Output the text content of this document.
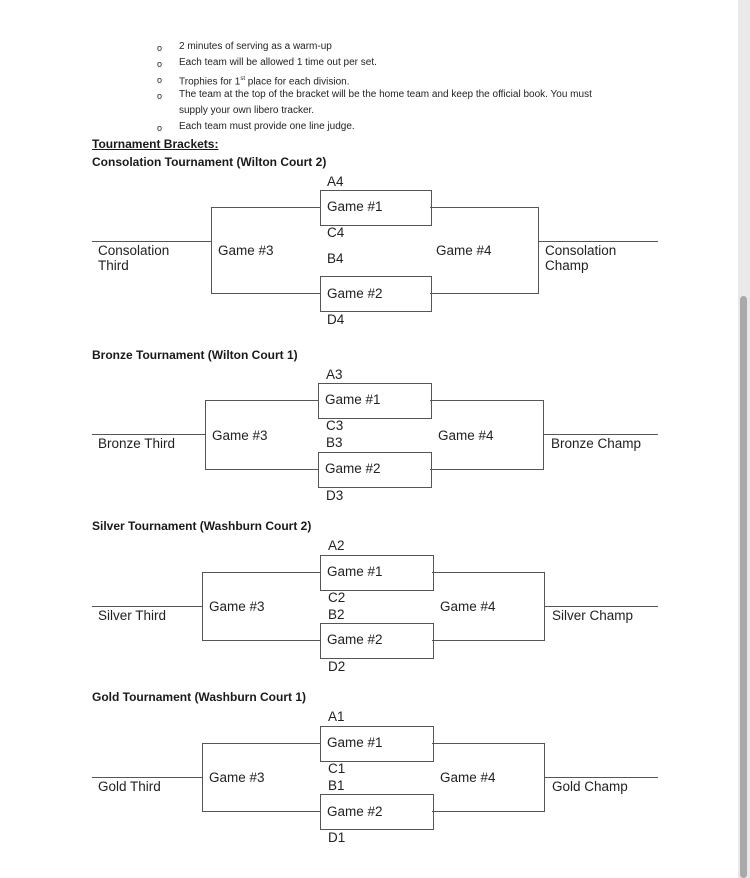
o 2 minutes of serving as a warm-up
o Each team will be allowed 1 time out per set.
o Trophies for 1st place for each division.
o The team at the top of the bracket will be the home team and keep the official book. You must
supply your own libero tracker.
o Each team must provide one line judge.
Tournament Brackets:
Consolation Tournament (Wilton Court 2)
A4
Game #1
C4
B4
Game #2
D4
Game #3
Consolation
Third
Game #4	Consolation
Champ
Bronze Tournament (Wilton Court 1)
A3
Game #1
C3
B3
Game #2
D3
Game #3
Bronze Third
Game #4
Bronze Champ
Silver Tournament (Washburn Court 2)
A2
Game #1
C2
B2
Game #2
D2
Game #3
Silver Third
Game #4
Silver Champ
Gold Tournament (Washburn Court 1)
A1
Game #1
C1
B1
Game #2
D1
Game #3
Gold Third
Game #4
Gold Champ
